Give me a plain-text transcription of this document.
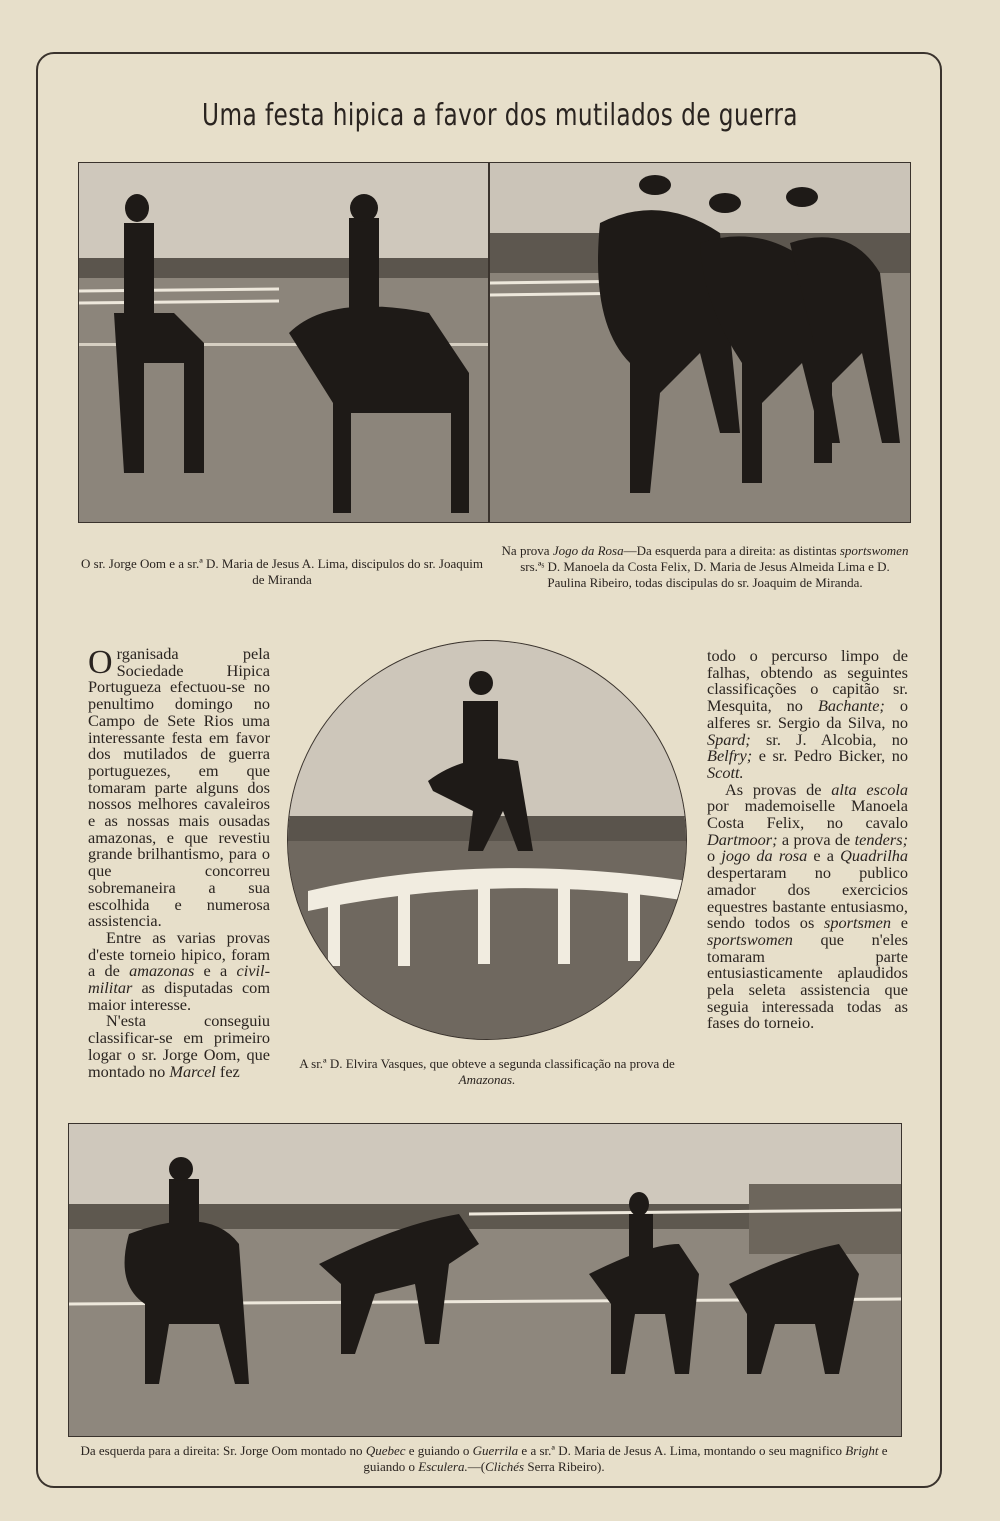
Uma festa hipica a favor dos mutilados de guerra
O sr. Jorge Oom e a sr.ª D. Maria de Jesus A. Lima, discipulos do sr. Joaquim de Miranda
Na prova Jogo da Rosa—Da esquerda para a direita: as distintas sportswomen srs.ªˢ D. Manoela da Costa Felix, D. Maria de Jesus Almeida Lima e D. Paulina Ribeiro, todas discipulas do sr. Joaquim de Miranda.

Organisada pela Sociedade Hipica Portugueza efectuou-se no penultimo domingo no Campo de Sete Rios uma interessante festa em favor dos mutilados de guerra portuguezes, em que tomaram parte alguns dos nossos melhores cavaleiros e as nossas mais ousadas amazonas, e que revestiu grande brilhantismo, para o que concorreu sobremaneira a sua escolhida e numerosa assistencia.

Entre as varias provas d'este torneio hipico, foram a de amazonas e a civil-militar as disputadas com maior interesse.

N'esta conseguiu classificar-se em primeiro logar o sr. Jorge Oom, que montado no Marcel fez	A sr.ª D. Elvira Vasques, que obteve a segunda classificação na prova de Amazonas.

todo o percurso limpo de falhas, obtendo as seguintes classificações o capitão sr. Mesquita, no Bachante; o alferes sr. Sergio da Silva, no Spard; sr. J. Alcobia, no Belfry; e sr. Pedro Bicker, no Scott.

As provas de alta escola por mademoiselle Manoela Costa Felix, no cavalo Dartmoor; a prova de tenders; o jogo da rosa e a Quadrilha despertaram no publico amador dos exercicios equestres bastante entusiasmo, sendo todos os sportsmen e sportswomen que n'eles tomaram parte entusiasticamente aplaudidos pela seleta assistencia que seguia interessada todas as fases do torneio.

Da esquerda para a direita: Sr. Jorge Oom montado no Quebec e guiando o Guerrila e a sr.ª D. Maria de Jesus A. Lima, montando o seu magnifico Bright e guiando o Esculera.—(Clichés Serra Ribeiro).
